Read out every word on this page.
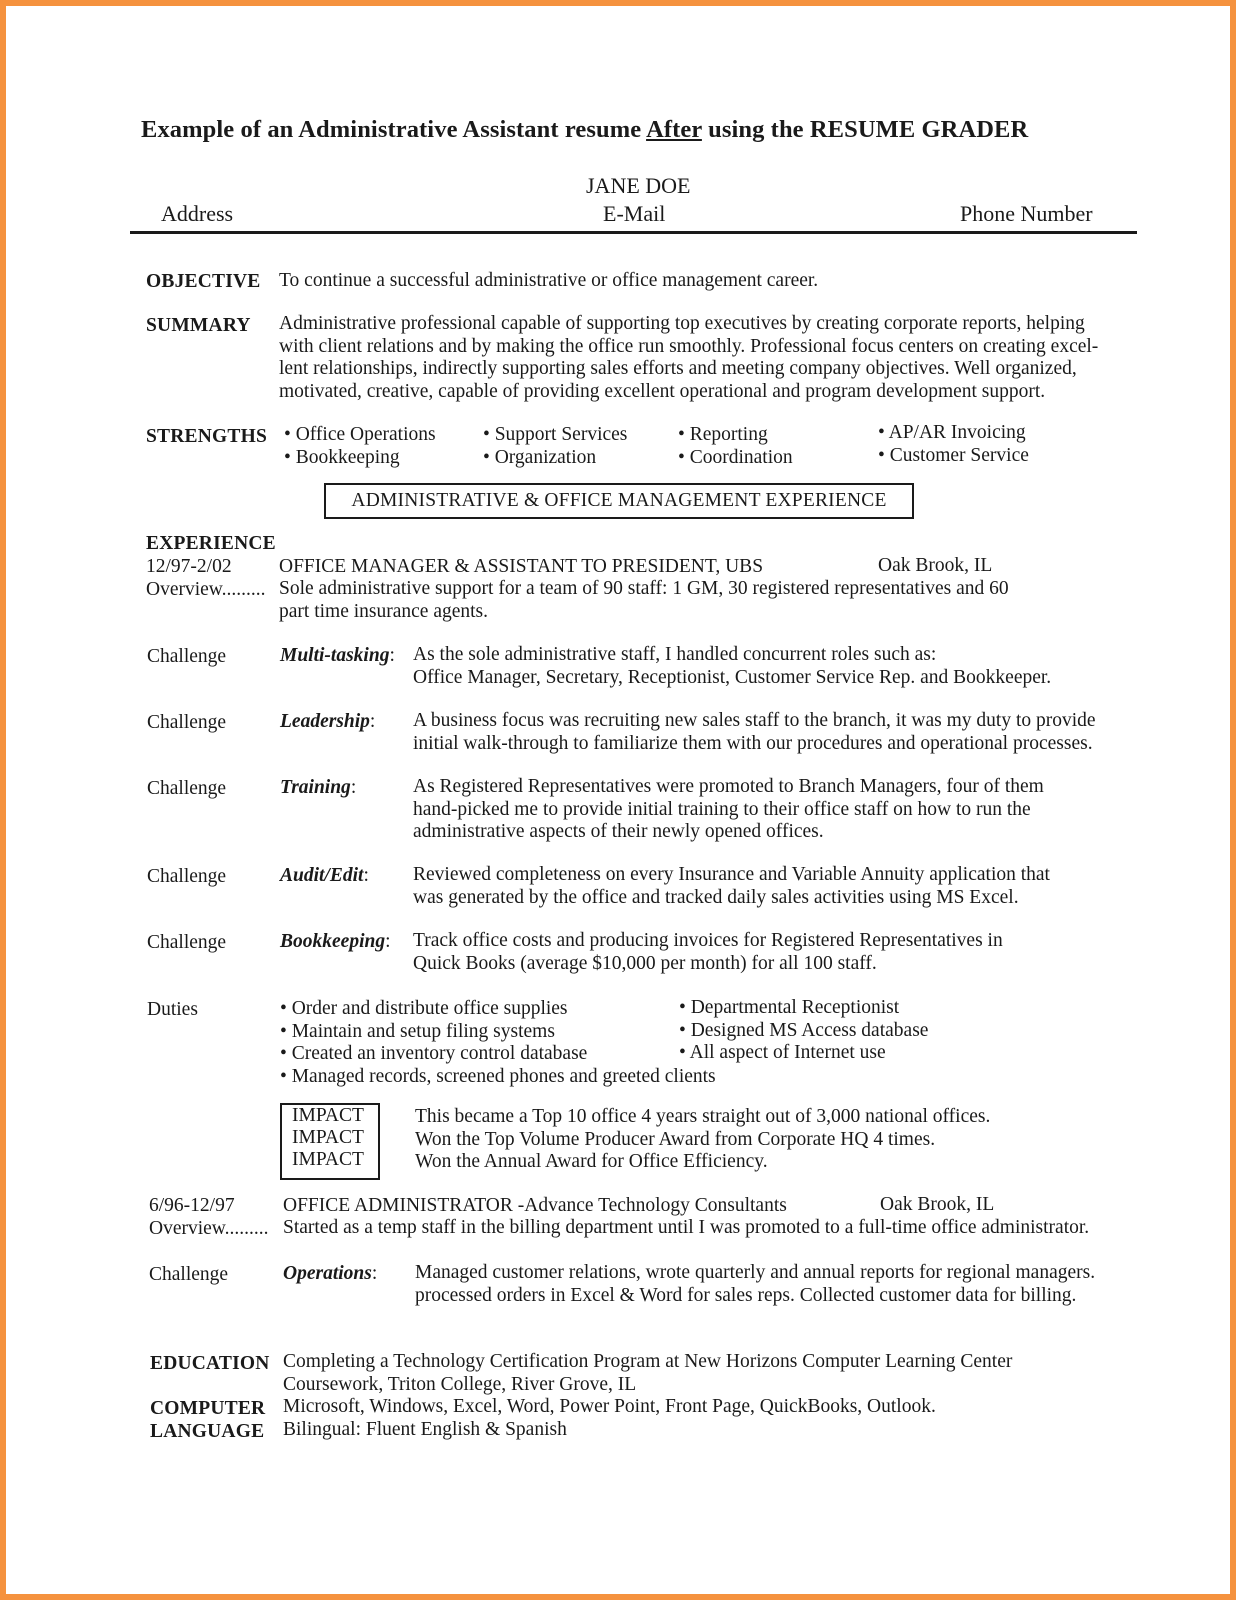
Example of an Administrative Assistant resume After using the RESUME GRADER
JANE DOE
Address	E-Mail	Phone Number
OBJECTIVE To continue a successful administrative or office management career.
SUMMARY Administrative professional capable of supporting top executives by creating corporate reports, helping
with client relations and by making the office run smoothly. Professional focus centers on creating excel-
lent relationships, indirectly supporting sales efforts and meeting company objectives. Well organized,
motivated, creative, capable of providing excellent operational and program development support.
STRENGTHS • Office Operations
• Bookkeeping
• Support Services
• Organization
• Reporting
• Coordination
• AP/AR Invoicing
• Customer Service
ADMINISTRATIVE & OFFICE MANAGEMENT EXPERIENCE
EXPERIENCE
12/97-2/02 OFFICE MANAGER & ASSISTANT TO PRESIDENT, UBS	Oak Brook, IL
Overview......... Sole administrative support for a team of 90 staff: 1 GM, 30 registered representatives and 60
part time insurance agents.
Challenge	Multi-tasking: As the sole administrative staff, I handled concurrent roles such as:
Office Manager, Secretary, Receptionist, Customer Service Rep. and Bookkeeper.
Challenge	Leadership: A business focus was recruiting new sales staff to the branch, it was my duty to provide
initial walk-through to familiarize them with our procedures and operational processes.
Challenge	Training:	As Registered Representatives were promoted to Branch Managers, four of them
hand-picked me to provide initial training to their office staff on how to run the
administrative aspects of their newly opened offices.
Challenge	Audit/Edit: Reviewed completeness on every Insurance and Variable Annuity application that
was generated by the office and tracked daily sales activities using MS Excel.
Challenge	Bookkeeping: Track office costs and producing invoices for Registered Representatives in
Quick Books (average $10,000 per month) for all 100 staff.
Duties	• Order and distribute office supplies
• Maintain and setup filing systems
• Created an inventory control database
• Managed records, screened phones and greeted clients
• Departmental Receptionist
• Designed MS Access database
• All aspect of Internet use
IMPACT
IMPACT
IMPACT
This became a Top 10 office 4 years straight out of 3,000 national offices.
Won the Top Volume Producer Award from Corporate HQ 4 times.
Won the Annual Award for Office Efficiency.
6/96-12/97 OFFICE ADMINISTRATOR -Advance Technology Consultants	Oak Brook, IL
Overview......... Started as a temp staff in the billing department until I was promoted to a full-time office administrator.
Challenge	Operations: Managed customer relations, wrote quarterly and annual reports for regional managers.
processed orders in Excel & Word for sales reps. Collected customer data for billing.
EDUCATION Completing a Technology Certification Program at New Horizons Computer Learning Center
Coursework, Triton College, River Grove, IL
COMPUTER Microsoft, Windows, Excel, Word, Power Point, Front Page, QuickBooks, Outlook.
LANGUAGE Bilingual: Fluent English & Spanish
